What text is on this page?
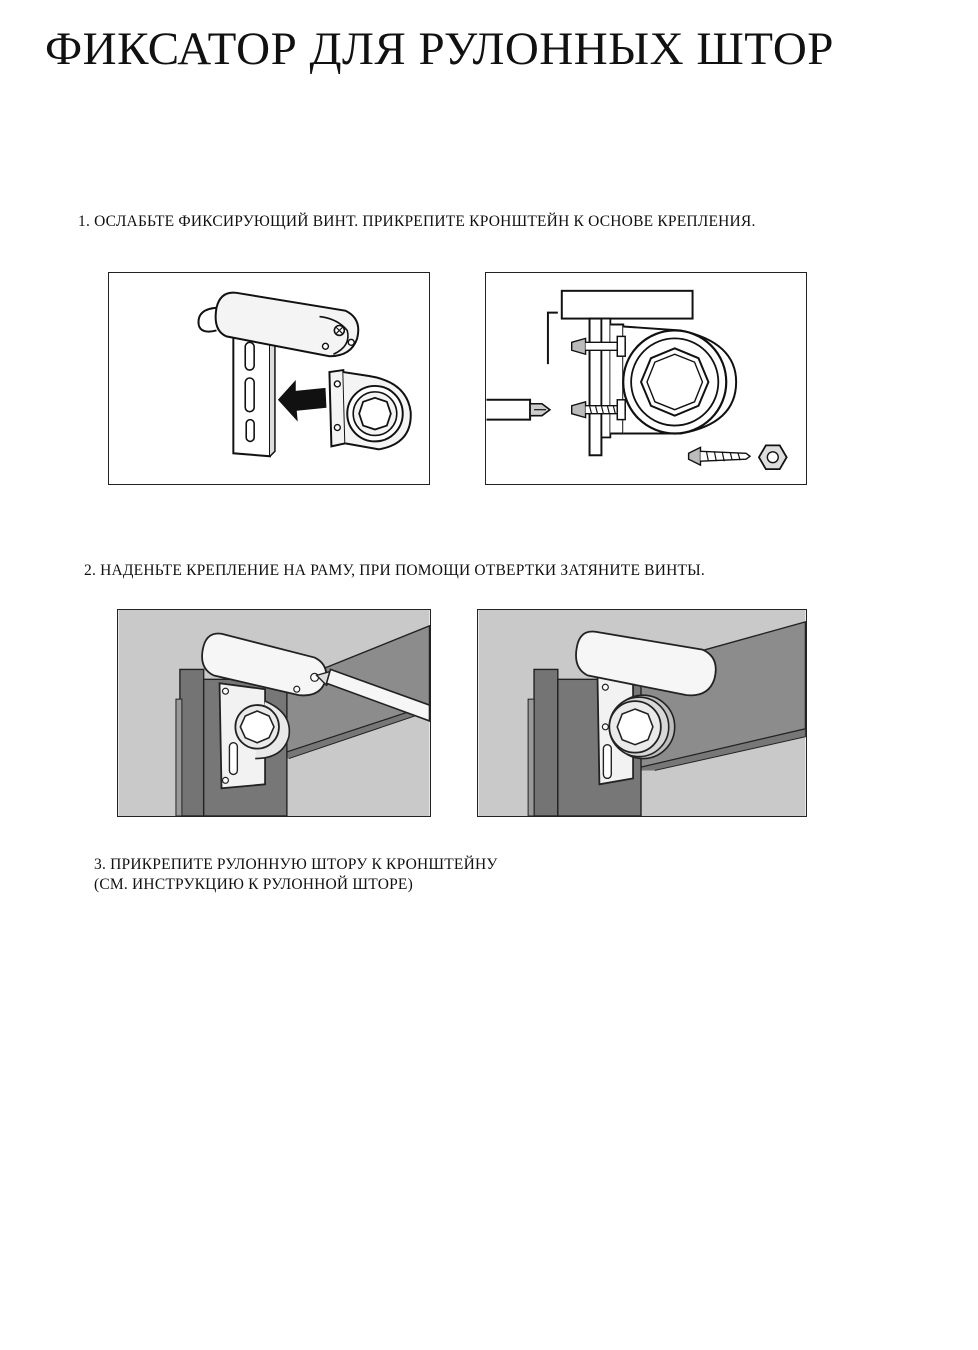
ФИКСАТОР ДЛЯ РУЛОННЫХ ШТОР
1. ОСЛАБЬТЕ ФИКСИРУЮЩИЙ ВИНТ. ПРИКРЕПИТЕ КРОНШТЕЙН К ОСНОВЕ КРЕПЛЕНИЯ.
2. НАДЕНЬТЕ КРЕПЛЕНИЕ НА РАМУ, ПРИ ПОМОЩИ ОТВЕРТКИ ЗАТЯНИТЕ ВИНТЫ.
3. ПРИКРЕПИТЕ РУЛОННУЮ ШТОРУ К КРОНШТЕЙНУ
(СМ. ИНСТРУКЦИЮ К РУЛОННОЙ ШТОРЕ)
